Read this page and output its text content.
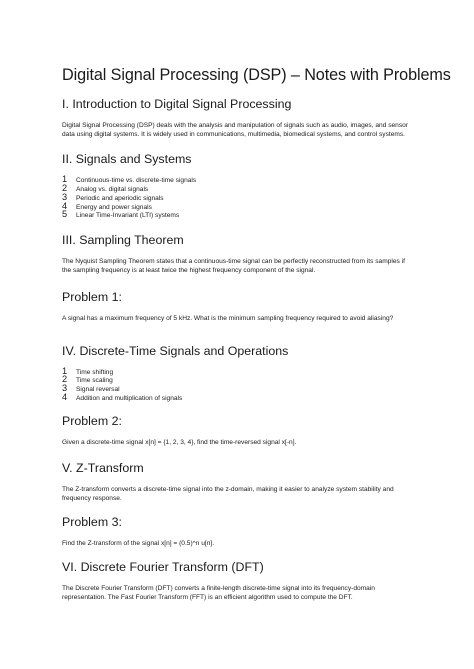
Digital Signal Processing (DSP) – Notes with Problems
I. Introduction to Digital Signal Processing

Digital Signal Processing (DSP) deals with the analysis and manipulation of signals such as audio, images, and sensor data using digital systems. It is widely used in communications, multimedia, biomedical systems, and control systems.

II. Signals and Systems
1	Continuous-time vs. discrete-time signals
2	Analog vs. digital signals
3	Periodic and aperiodic signals
4	Energy and power signals
5	Linear Time-Invariant (LTI) systems
III. Sampling Theorem

The Nyquist Sampling Theorem states that a continuous-time signal can be perfectly reconstructed from its samples if the sampling frequency is at least twice the highest frequency component of the signal.

Problem 1:

A signal has a maximum frequency of 5 kHz. What is the minimum sampling frequency required to avoid aliasing?

IV. Discrete-Time Signals and Operations
1	Time shifting
2	Time scaling
3	Signal reversal
4	Addition and multiplication of signals
Problem 2:

Given a discrete-time signal x[n] = {1, 2, 3, 4}, find the time-reversed signal x[-n].

V. Z-Transform

The Z-transform converts a discrete-time signal into the z-domain, making it easier to analyze system stability and frequency response.

Problem 3:

Find the Z-transform of the signal x[n] = (0.5)^n u[n].

VI. Discrete Fourier Transform (DFT)

The Discrete Fourier Transform (DFT) converts a finite-length discrete-time signal into its frequency-domain representation. The Fast Fourier Transform (FFT) is an efficient algorithm used to compute the DFT.
